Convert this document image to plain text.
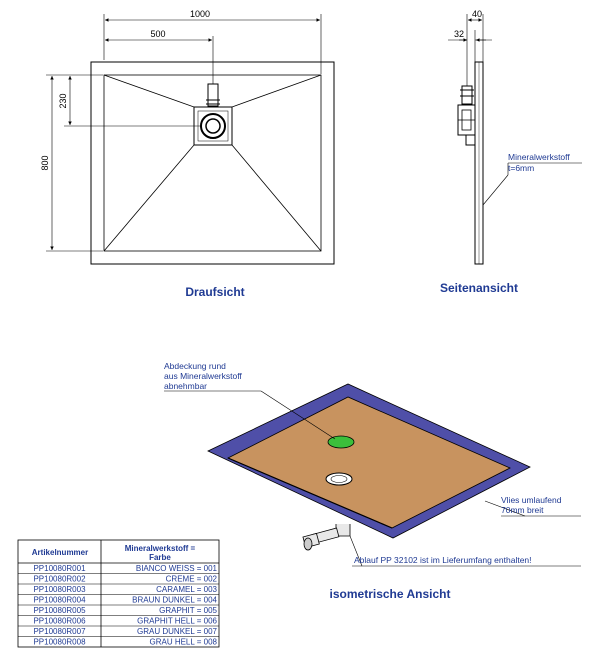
1000
500
800
230
Draufsicht
40
32
Mineralwerkstoff
t=6mm
Seitenansicht
Abdeckung rund
aus Mineralwerkstoff
abnehmbar
Vlies umlaufend
70mm breit
Ablauf PP 32102 ist im Lieferumfang enthalten!
isometrische Ansicht
Artikelnummer	Mineralwerkstoff =
Farbe
PP10080R001	BIANCO WEISS = 001
PP10080R002	CREME = 002
PP10080R003	CARAMEL = 003
PP10080R004	BRAUN DUNKEL = 004
PP10080R005	GRAPHIT = 005
PP10080R006	GRAPHIT HELL = 006
PP10080R007	GRAU DUNKEL = 007
PP10080R008	GRAU HELL = 008
